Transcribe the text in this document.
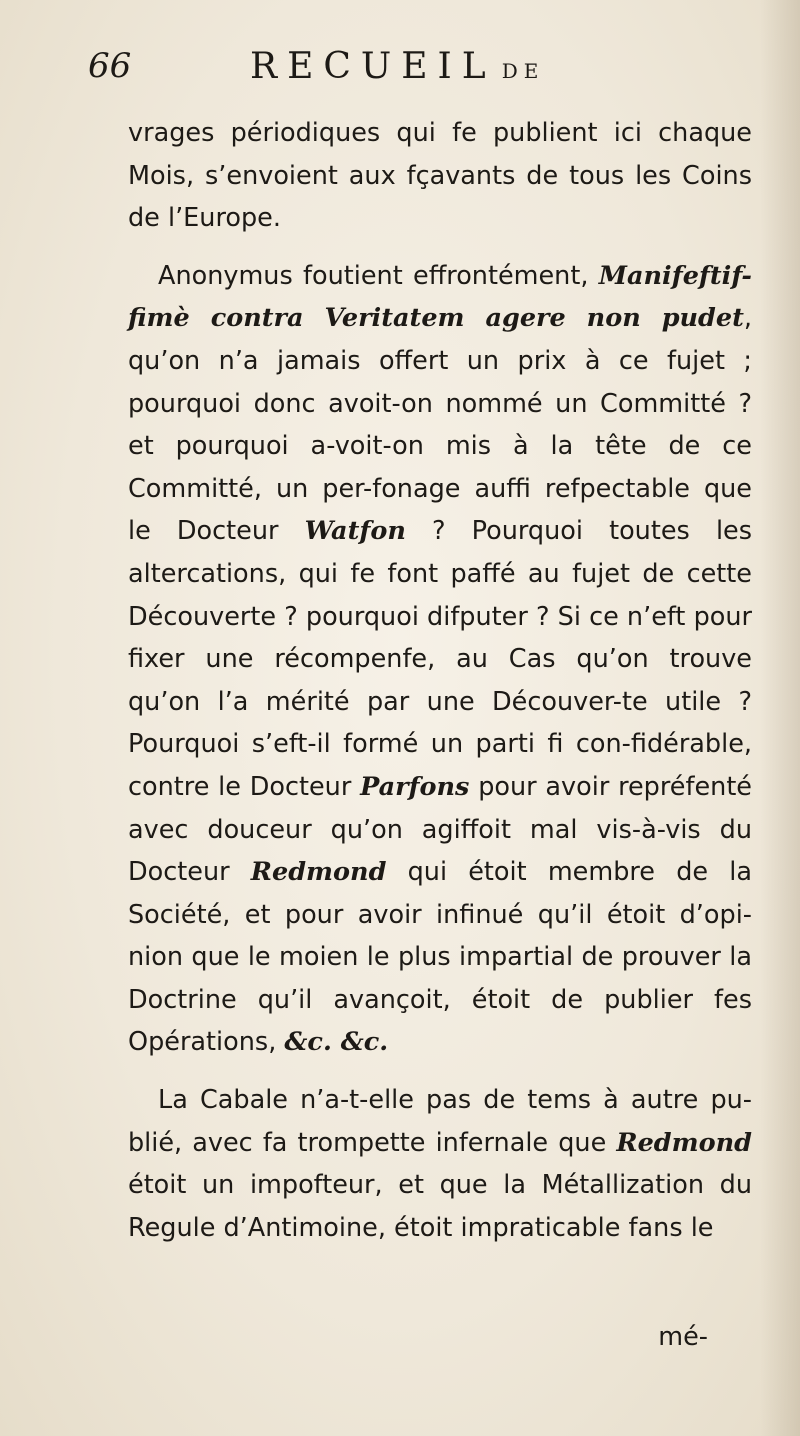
66	RECUEIL DE

vrages périodiques qui fe publient ici chaque Mois, s’envoient aux fçavants de tous les Coins de l’Europe.

Anonymus foutient effrontément, Manifeftif-fimè contra Veritatem agere non pudet, qu’on n’a jamais offert un prix à ce fujet ; pourquoi donc avoit-on nommé un Committé ? et pourquoi a-voit-on mis à la tête de ce Committé, un per-fonage auffi refpectable que le Docteur Watfon ? Pourquoi toutes les altercations, qui fe font paffé au fujet de cette Découverte ? pourquoi difputer ? Si ce n’eft pour fixer une récompenfe, au Cas qu’on trouve qu’on l’a mérité par une Découver-te utile ? Pourquoi s’eft-il formé un parti fi con-fidérable, contre le Docteur Parfons pour avoir repréfenté avec douceur qu’on agiffoit mal vis-à-vis du Docteur Redmond qui étoit membre de la Société, et pour avoir infinué qu’il étoit d’opi-nion que le moien le plus impartial de prouver la Doctrine qu’il avançoit, étoit de publier fes Opérations, &c. &c.

La Cabale n’a-t-elle pas de tems à autre pu-blié, avec fa trompette infernale que Redmond étoit un impofteur, et que la Métallization du Regule d’Antimoine, étoit impraticable fans le

mé-
